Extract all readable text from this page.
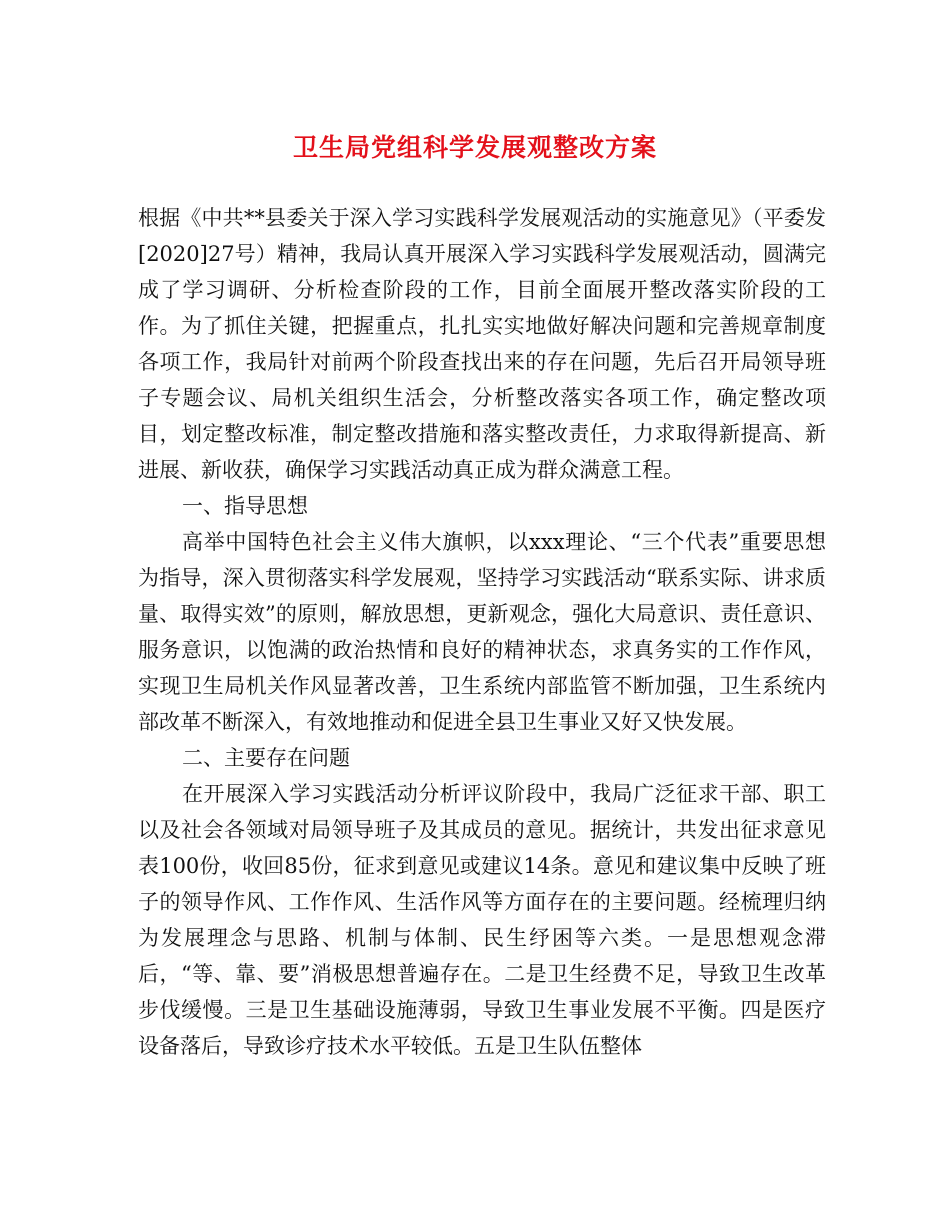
卫生局党组科学发展观整改方案

根据《中共**县委关于深入学习实践科学发展观活动的实施意见》（平委发[2020]27号）精神，我局认真开展深入学习实践科学发展观活动，圆满完成了学习调研、分析检查阶段的工作，目前全面展开整改落实阶段的工作。为了抓住关键，把握重点，扎扎实实地做好解决问题和完善规章制度各项工作，我局针对前两个阶段查找出来的存在问题，先后召开局领导班子专题会议、局机关组织生活会，分析整改落实各项工作，确定整改项目，划定整改标准，制定整改措施和落实整改责任，力求取得新提高、新进展、新收获，确保学习实践活动真正成为群众满意工程。

一、指导思想

高举中国特色社会主义伟大旗帜，以xxx理论、“三个代表”重要思想为指导，深入贯彻落实科学发展观，坚持学习实践活动“联系实际、讲求质量、取得实效”的原则，解放思想，更新观念，强化大局意识、责任意识、服务意识，以饱满的政治热情和良好的精神状态，求真务实的工作作风，实现卫生局机关作风显著改善，卫生系统内部监管不断加强，卫生系统内部改革不断深入，有效地推动和促进全县卫生事业又好又快发展。

二、主要存在问题

在开展深入学习实践活动分析评议阶段中，我局广泛征求干部、职工以及社会各领域对局领导班子及其成员的意见。据统计，共发出征求意见表100份，收回85份，征求到意见或建议14条。意见和建议集中反映了班子的领导作风、工作作风、生活作风等方面存在的主要问题。经梳理归纳为发展理念与思路、机制与体制、民生纾困等六类。一是思想观念滞后，“等、靠、要”消极思想普遍存在。二是卫生经费不足，导致卫生改革步伐缓慢。三是卫生基础设施薄弱，导致卫生事业发展不平衡。四是医疗设备落后，导致诊疗技术水平较低。五是卫生队伍整体
